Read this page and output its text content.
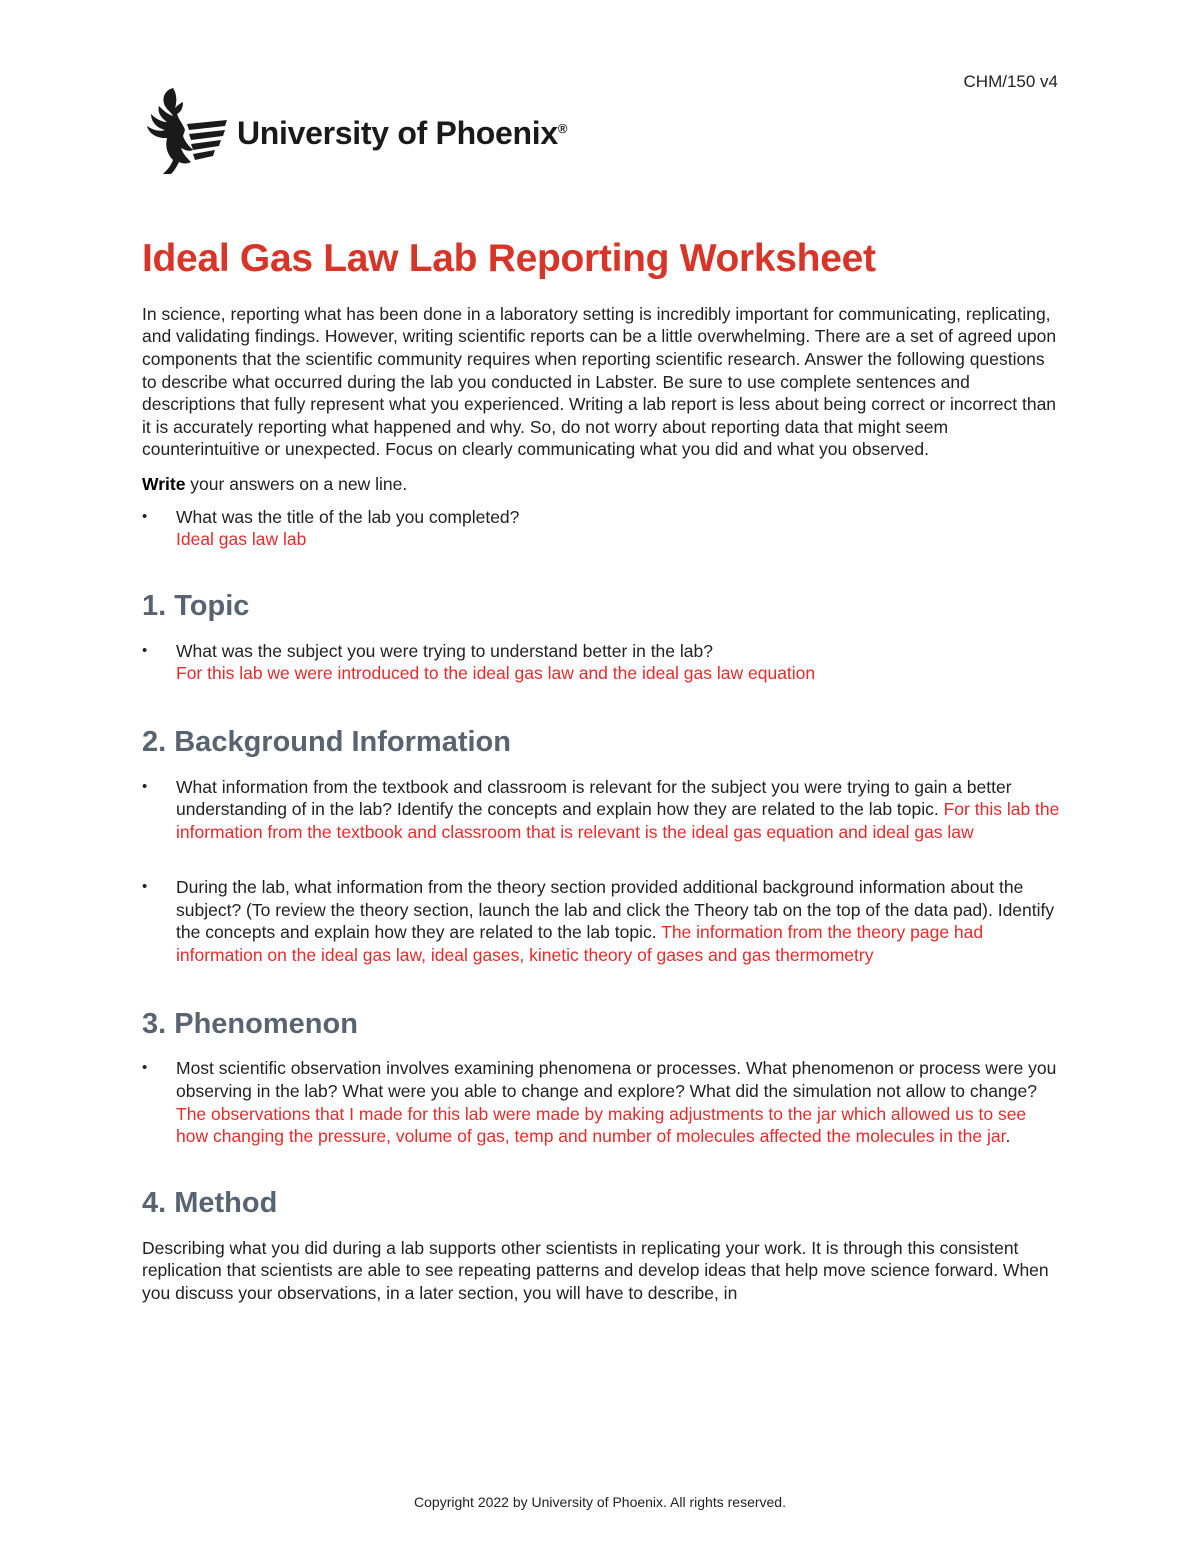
CHM/150 v4
University of Phoenix®
Ideal Gas Law Lab Reporting Worksheet

In science, reporting what has been done in a laboratory setting is incredibly important for communicating, replicating, and validating findings. However, writing scientific reports can be a little overwhelming. There are a set of agreed upon components that the scientific community requires when reporting scientific research. Answer the following questions to describe what occurred during the lab you conducted in Labster. Be sure to use complete sentences and descriptions that fully represent what you experienced. Writing a lab report is less about being correct or incorrect than it is accurately reporting what happened and why. So, do not worry about reporting data that might seem counterintuitive or unexpected. Focus on clearly communicating what you did and what you observed.

Write your answers on a new line.

• What was the title of the lab you completed?
Ideal gas law lab
1. Topic
• What was the subject you were trying to understand better in the lab?
For this lab we were introduced to the ideal gas law and the ideal gas law equation
2. Background Information
• What information from the textbook and classroom is relevant for the subject you were trying to gain a better understanding of in the lab? Identify the concepts and explain how they are related to the lab topic. For this lab the information from the textbook and classroom that is relevant is the ideal gas equation and ideal gas law
• During the lab, what information from the theory section provided additional background information about the subject? (To review the theory section, launch the lab and click the Theory tab on the top of the data pad). Identify the concepts and explain how they are related to the lab topic. The information from the theory page had information on the ideal gas law, ideal gases, kinetic theory of gases and gas thermometry
3. Phenomenon
• Most scientific observation involves examining phenomena or processes. What phenomenon or process were you observing in the lab? What were you able to change and explore? What did the simulation not allow to change? The observations that I made for this lab were made by making adjustments to the jar which allowed us to see how changing the pressure, volume of gas, temp and number of molecules affected the molecules in the jar.
4. Method

Describing what you did during a lab supports other scientists in replicating your work. It is through this consistent replication that scientists are able to see repeating patterns and develop ideas that help move science forward. When you discuss your observations, in a later section, you will have to describe, in

Copyright 2022 by University of Phoenix. All rights reserved.
